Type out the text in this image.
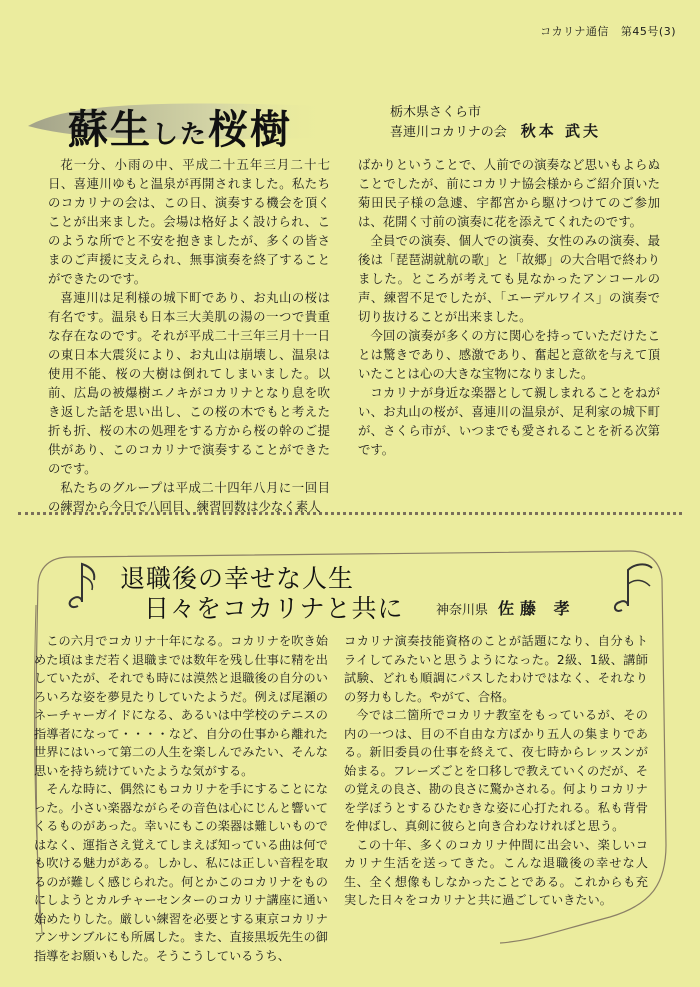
コカリナ通信 第45号(3)
蘇生した桜樹	栃木県さくら市
喜連川コカリナの会 秋本 武夫

花一分、小雨の中、平成二十五年三月二十七日、喜連川ゆもと温泉が再開されました。私たちのコカリナの会は、この日、演奏する機会を頂くことが出来ました。会場は格好よく設けられ、このような所でと不安を抱きましたが、多くの皆さまのご声援に支えられ、無事演奏を終了することができたのです。

喜連川は足利様の城下町であり、お丸山の桜は有名です。温泉も日本三大美肌の湯の一つで貴重な存在なのです。それが平成二十三年三月十一日の東日本大震災により、お丸山は崩壊し、温泉は使用不能、桜の大樹は倒れてしまいました。以前、広島の被爆樹エノキがコカリナとなり息を吹き返した話を思い出し、この桜の木でもと考えた折も折、桜の木の処理をする方から桜の幹のご提供があり、このコカリナで演奏することができたのです。

私たちのグループは平成二十四年八月に一回目の練習から今日で八回目、練習回数は少なく素人

ばかりということで、人前での演奏など思いもよらぬことでしたが、前にコカリナ協会様からご紹介頂いた菊田民子様の急遽、宇都宮から駆けつけてのご参加は、花開く寸前の演奏に花を添えてくれたのです。

全員での演奏、個人での演奏、女性のみの演奏、最後は「琵琶湖就航の歌」と「故郷」の大合唱で終わりました。ところが考えても見なかったアンコールの声、練習不足でしたが、「エーデルワイス」の演奏で切り抜けることが出来ました。

今回の演奏が多くの方に関心を持っていただけたことは驚きであり、感激であり、奮起と意欲を与えて頂いたことは心の大きな宝物になりました。

コカリナが身近な楽器として親しまれることをねがい、お丸山の桜が、喜連川の温泉が、足利家の城下町が、さくら市が、いつまでも愛されることを祈る次第です。

退職後の幸せな人生
日々をコカリナと共に 神奈川県 佐藤 孝

この六月でコカリナ十年になる。コカリナを吹き始めた頃はまだ若く退職までは数年を残し仕事に精を出していたが、それでも時には漠然と退職後の自分のいろいろな姿を夢見たりしていたようだ。例えば尾瀬のネーチャーガイドになる、あるいは中学校のテニスの指導者になって・・・・など、自分の仕事から離れた世界にはいって第二の人生を楽しんでみたい、そんな思いを持ち続けていたような気がする。

そんな時に、偶然にもコカリナを手にすることになった。小さい楽器ながらその音色は心にじんと響いてくるものがあった。幸いにもこの楽器は難しいものではなく、運指さえ覚えてしまえば知っている曲は何でも吹ける魅力がある。しかし、私には正しい音程を取るのが難しく感じられた。何とかこのコカリナをものにしようとカルチャーセンターのコカリナ講座に通い始めたりした。厳しい練習を必要とする東京コカリナアンサンブルにも所属した。また、直接黒坂先生の御指導をお願いもした。そうこうしているうち、

コカリナ演奏技能資格のことが話題になり、自分もトライしてみたいと思うようになった。2級、1級、講師試験、どれも順調にパスしたわけではなく、それなりの努力もした。やがて、合格。

今では二箇所でコカリナ教室をもっているが、その内の一つは、目の不自由な方ばかり五人の集まりである。新旧委員の仕事を終えて、夜七時からレッスンが始まる。フレーズごとを口移しで教えていくのだが、その覚えの良さ、勘の良さに驚かされる。何よりコカリナを学ぼうとするひたむきな姿に心打たれる。私も背骨を伸ばし、真剣に彼らと向き合わなければと思う。

この十年、多くのコカリナ仲間に出会い、楽しいコカリナ生活を送ってきた。こんな退職後の幸せな人生、全く想像もしなかったことである。これからも充実した日々をコカリナと共に過ごしていきたい。
